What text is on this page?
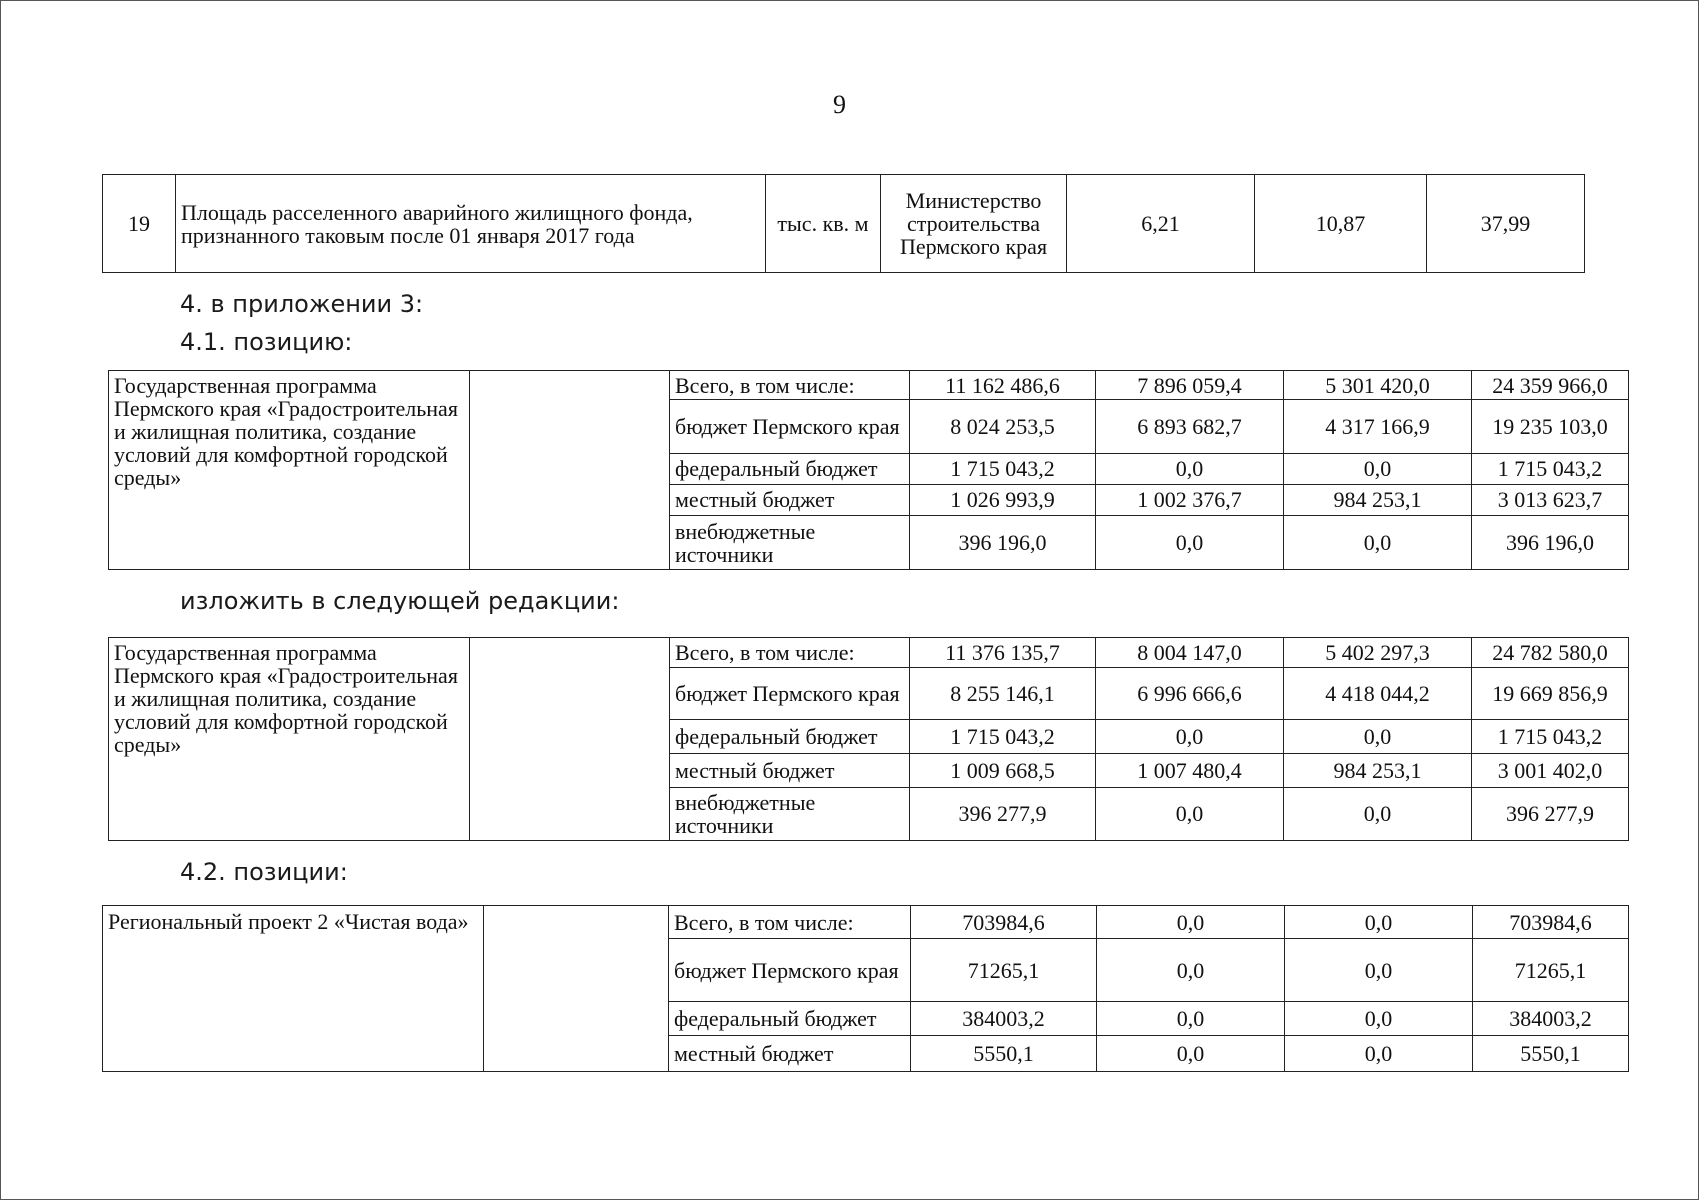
9
19	Площадь расселенного аварийного жилищного фонда, признанного таковым после 01 января 2017 года	тыс. кв. м	Министерство строительства Пермского края	6,21	10,87	37,99
4. в приложении 3:
4.1. позицию:
Государственная программа Пермского края «Градостроительная и жилищная политика, создание условий для комфортной городской среды»		Всего, в том числе:	11 162 486,6	7 896 059,4	5 301 420,0	24 359 966,0
		бюджет Пермского края	8 024 253,5	6 893 682,7	4 317 166,9	19 235 103,0
		федеральный бюджет	1 715 043,2	0,0	0,0	1 715 043,2
		местный бюджет	1 026 993,9	1 002 376,7	984 253,1	3 013 623,7
		внебюджетные источники	396 196,0	0,0	0,0	396 196,0
изложить в следующей редакции:
Государственная программа Пермского края «Градостроительная и жилищная политика, создание условий для комфортной городской среды»		Всего, в том числе:	11 376 135,7	8 004 147,0	5 402 297,3	24 782 580,0
		бюджет Пермского края	8 255 146,1	6 996 666,6	4 418 044,2	19 669 856,9
		федеральный бюджет	1 715 043,2	0,0	0,0	1 715 043,2
		местный бюджет	1 009 668,5	1 007 480,4	984 253,1	3 001 402,0
		внебюджетные источники	396 277,9	0,0	0,0	396 277,9
4.2. позиции:
Региональный проект 2 «Чистая вода»		Всего, в том числе:	703984,6	0,0	0,0	703984,6
		бюджет Пермского края	71265,1	0,0	0,0	71265,1
		федеральный бюджет	384003,2	0,0	0,0	384003,2
		местный бюджет	5550,1	0,0	0,0	5550,1
